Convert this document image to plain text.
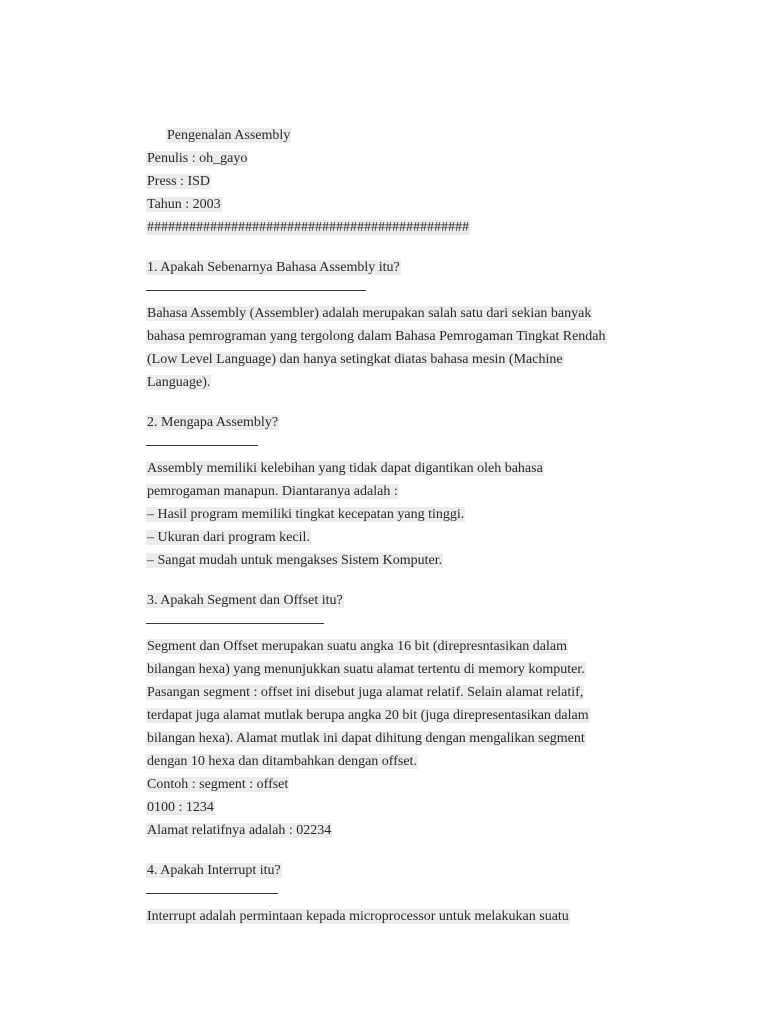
Pengenalan Assembly
Penulis : oh_gayo
Press : ISD
Tahun : 2003
##############################################
1. Apakah Sebenarnya Bahasa Assembly itu?
Bahasa Assembly (Assembler) adalah merupakan salah satu dari sekian banyak
bahasa pemrograman yang tergolong dalam Bahasa Pemrogaman Tingkat Rendah
(Low Level Language) dan hanya setingkat diatas bahasa mesin (Machine
Language).
2. Mengapa Assembly?
Assembly memiliki kelebihan yang tidak dapat digantikan oleh bahasa
pemrogaman manapun. Diantaranya adalah :
– Hasil program memiliki tingkat kecepatan yang tinggi.
– Ukuran dari program kecil.
– Sangat mudah untuk mengakses Sistem Komputer.
3. Apakah Segment dan Offset itu?
Segment dan Offset merupakan suatu angka 16 bit (direpresntasikan dalam
bilangan hexa) yang menunjukkan suatu alamat tertentu di memory komputer.
Pasangan segment : offset ini disebut juga alamat relatif. Selain alamat relatif,
terdapat juga alamat mutlak berupa angka 20 bit (juga direpresentasikan dalam
bilangan hexa). Alamat mutlak ini dapat dihitung dengan mengalikan segment
dengan 10 hexa dan ditambahkan dengan offset.
Contoh : segment : offset
0100 : 1234
Alamat relatifnya adalah : 02234
4. Apakah Interrupt itu?
Interrupt adalah permintaan kepada microprocessor untuk melakukan suatu
